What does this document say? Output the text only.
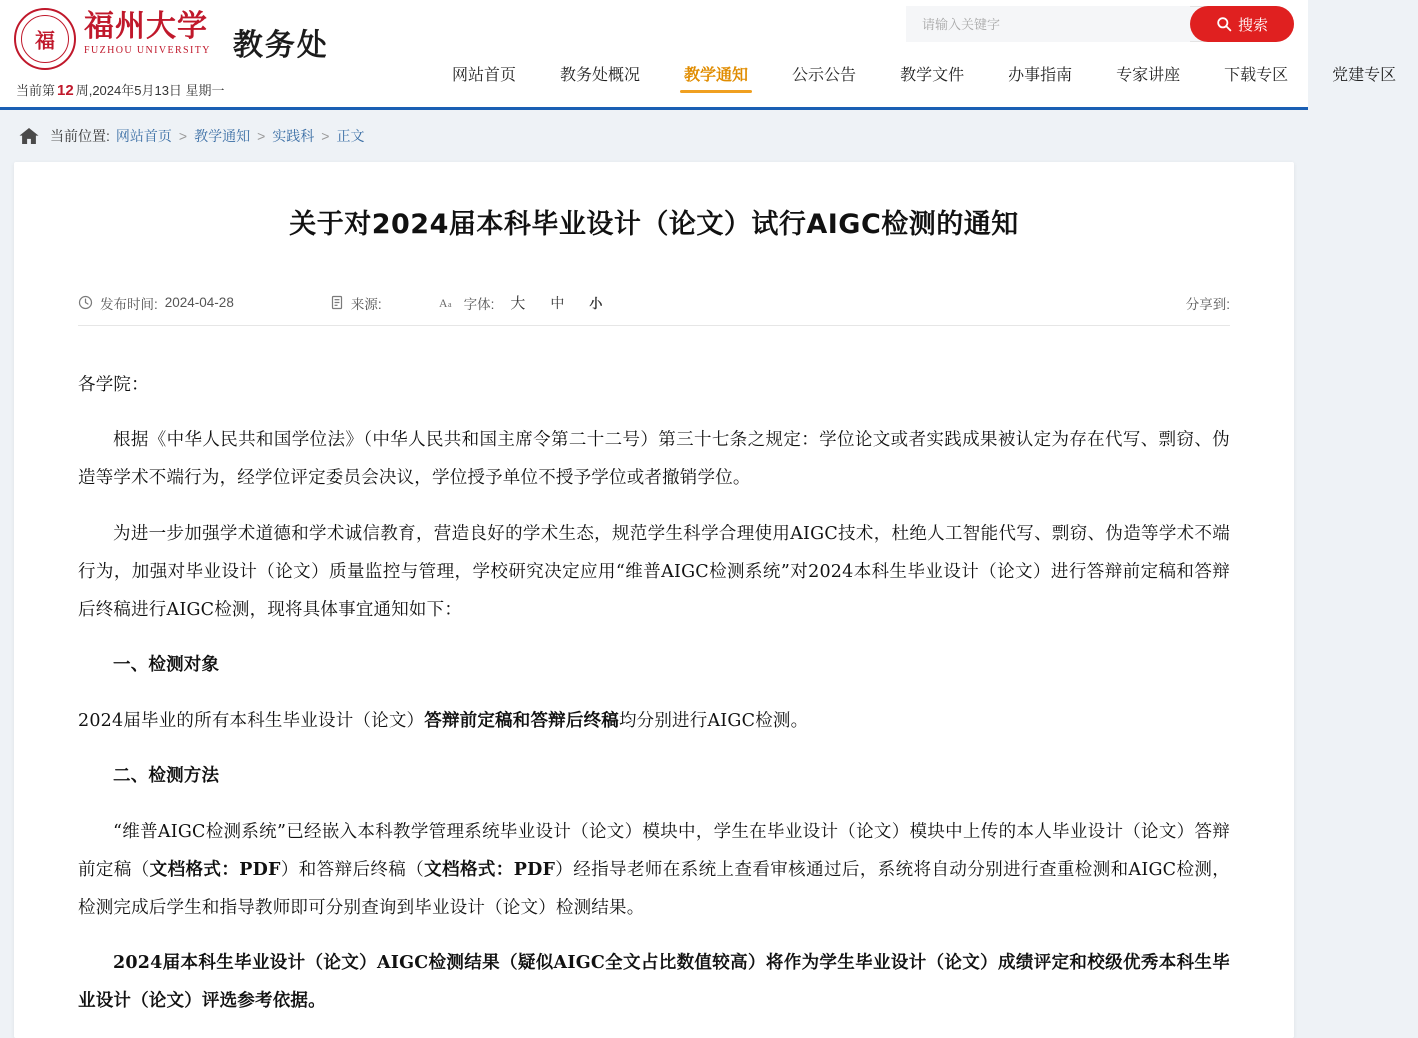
福 福州大学
FUZHOU UNIVERSITY 教务处
当前第 12 周,2024年5月13日 星期一
请输入关键字
搜索
网站首页	教务处概况	教学通知	公示公告	教学文件	办事指南	专家讲座	下载专区	党建专区
当前位置: 网站首页 > 教学通知 > 实践科 > 正文
关于对2024届本科毕业设计（论文）试行AIGC检测的通知
发布时间: 2024-04-28	来源:	A a 字体:	大	中	小	分享到:

各学院：

根据《中华人民共和国学位法》（中华人民共和国主席令第二十二号）第三十七条之规定：学位论文或者实践成果被认定为存在代写、剽窃、伪造等学术不端行为，经学位评定委员会决议，学位授予单位不授予学位或者撤销学位。

为进一步加强学术道德和学术诚信教育，营造良好的学术生态，规范学生科学合理使用AIGC技术，杜绝人工智能代写、剽窃、伪造等学术不端行为，加强对毕业设计（论文）质量监控与管理，学校研究决定应用“维普AIGC检测系统”对2024本科生毕业设计（论文）进行答辩前定稿和答辩后终稿进行AIGC检测，现将具体事宜通知如下：

一、检测对象

2024届毕业的所有本科生毕业设计（论文）答辩前定稿和答辩后终稿均分别进行AIGC检测。

二、检测方法

“维普AIGC检测系统”已经嵌入本科教学管理系统毕业设计（论文）模块中，学生在毕业设计（论文）模块中上传的本人毕业设计（论文）答辩前定稿（文档格式：PDF）和答辩后终稿（文档格式：PDF）经指导老师在系统上查看审核通过后，系统将自动分别进行查重检测和AIGC检测，检测完成后学生和指导教师即可分别查询到毕业设计（论文）检测结果。

2024届本科生毕业设计（论文）AIGC检测结果（疑似AIGC全文占比数值较高）将作为学生毕业设计（论文）成绩评定和校级优秀本科生毕业设计（论文）评选参考依据。
